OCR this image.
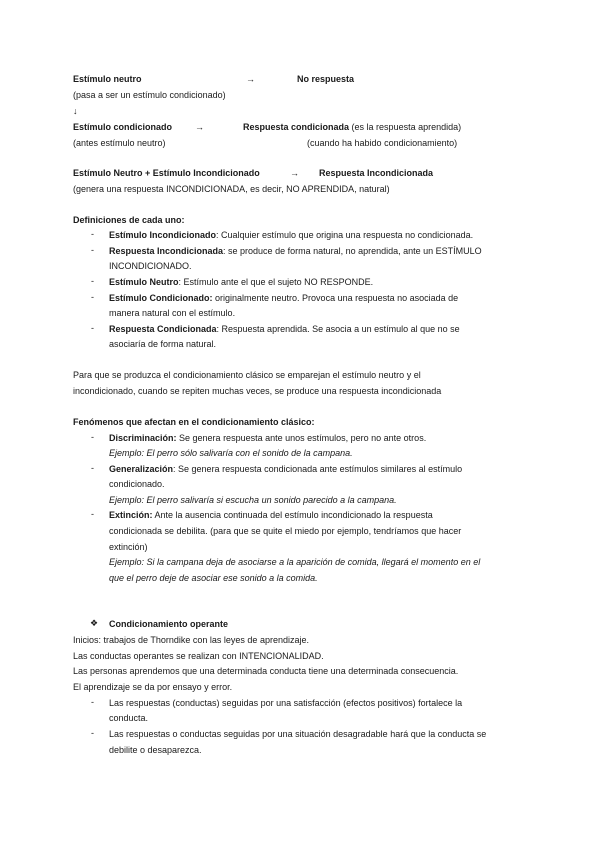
Estímulo neutro	→	No respuesta
(pasa a ser un estímulo condicionado)
↓
Estímulo condicionado	→	Respuesta condicionada (es la respuesta aprendida)
(antes estímulo neutro)	(cuando ha habido condicionamiento)
Estímulo Neutro + Estímulo Incondicionado	→ Respuesta Incondicionada
(genera una respuesta INCONDICIONADA, es decir, NO APRENDIDA, natural)
Definiciones de cada uno:
- Estímulo Incondicionado: Cualquier estímulo que origina una respuesta no condicionada.
- Respuesta Incondicionada: se produce de forma natural, no aprendida, ante un ESTÍMULO
INCONDICIONADO.
- Estímulo Neutro: Estímulo ante el que el sujeto NO RESPONDE.
- Estímulo Condicionado: originalmente neutro. Provoca una respuesta no asociada de
manera natural con el estímulo.
- Respuesta Condicionada: Respuesta aprendida. Se asocia a un estímulo al que no se
asociaría de forma natural.
Para que se produzca el condicionamiento clásico se emparejan el estímulo neutro y el
incondicionado, cuando se repiten muchas veces, se produce una respuesta incondicionada
Fenómenos que afectan en el condicionamiento clásico:
- Discriminación: Se genera respuesta ante unos estímulos, pero no ante otros.
Ejemplo: El perro sólo salivaría con el sonido de la campana.
- Generalización: Se genera respuesta condicionada ante estímulos similares al estímulo
condicionado.
Ejemplo: El perro salivaría si escucha un sonido parecido a la campana.
- Extinción: Ante la ausencia continuada del estímulo incondicionado la respuesta
condicionada se debilita. (para que se quite el miedo por ejemplo, tendríamos que hacer
extinción)
Ejemplo: Si la campana deja de asociarse a la aparición de comida, llegará el momento en el
que el perro deje de asociar ese sonido a la comida.
❖ Condicionamiento operante
Inicios: trabajos de Thorndike con las leyes de aprendizaje.
Las conductas operantes se realizan con INTENCIONALIDAD.
Las personas aprendemos que una determinada conducta tiene una determinada consecuencia.
El aprendizaje se da por ensayo y error.
- Las respuestas (conductas) seguidas por una satisfacción (efectos positivos) fortalece la
conducta.
- Las respuestas o conductas seguidas por una situación desagradable hará que la conducta se
debilite o desaparezca.
